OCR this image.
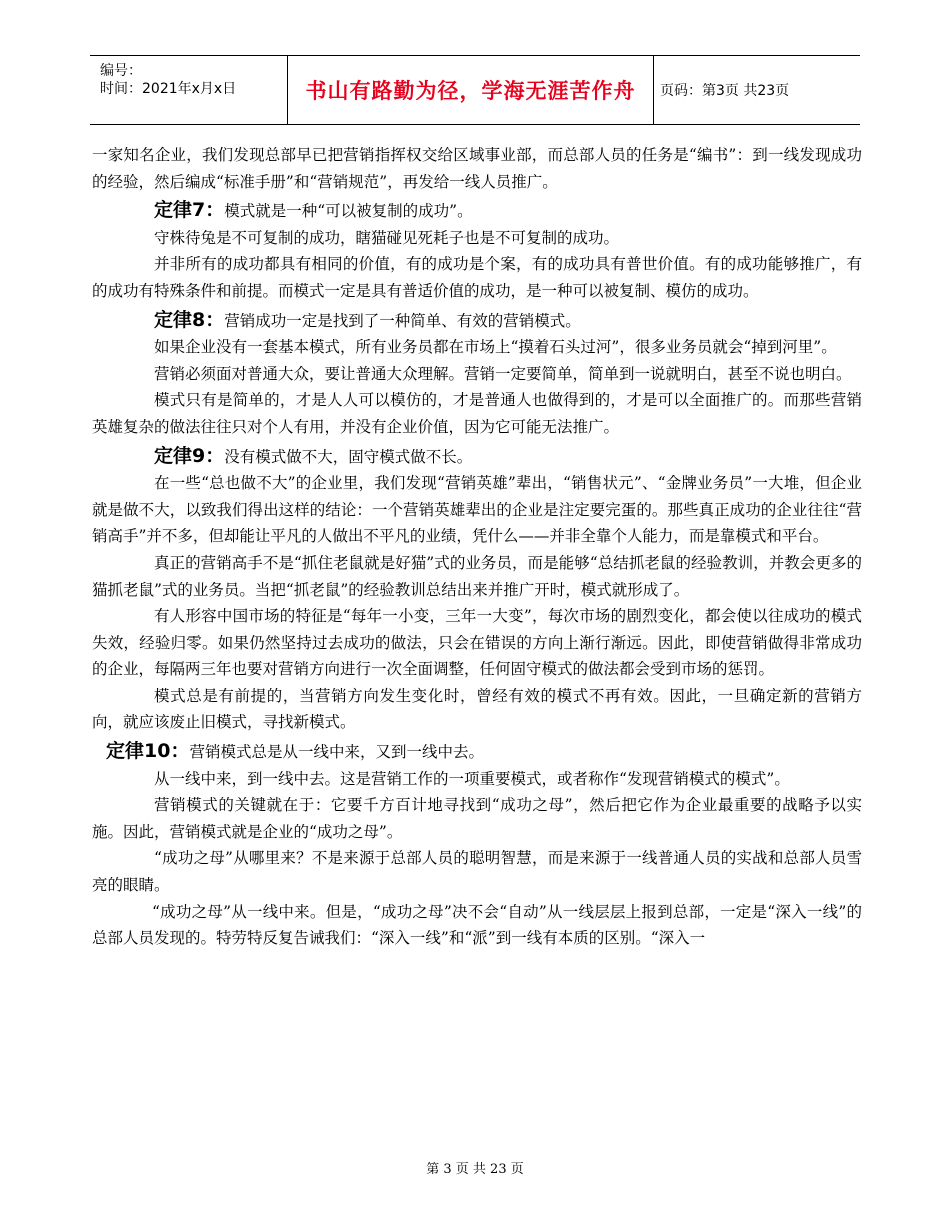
编号：
时间：2021年x月x日	书山有路勤为径，学海无涯苦作舟	页码：第3页 共23页

一家知名企业，我们发现总部早已把营销指挥权交给区域事业部，而总部人员的任务是“编书”：到一线发现成功的经验，然后编成“标准手册”和“营销规范”，再发给一线人员推广。

定律7：模式就是一种“可以被复制的成功”。

守株待兔是不可复制的成功，瞎猫碰见死耗子也是不可复制的成功。

并非所有的成功都具有相同的价值，有的成功是个案，有的成功具有普世价值。有的成功能够推广，有的成功有特殊条件和前提。而模式一定是具有普适价值的成功，是一种可以被复制、模仿的成功。

定律8：营销成功一定是找到了一种简单、有效的营销模式。

如果企业没有一套基本模式，所有业务员都在市场上“摸着石头过河”，很多业务员就会“掉到河里”。

营销必须面对普通大众，要让普通大众理解。营销一定要简单，简单到一说就明白，甚至不说也明白。

模式只有是简单的，才是人人可以模仿的，才是普通人也做得到的，才是可以全面推广的。而那些营销英雄复杂的做法往往只对个人有用，并没有企业价值，因为它可能无法推广。

定律9：没有模式做不大，固守模式做不长。

在一些“总也做不大”的企业里，我们发现“营销英雄”辈出，“销售状元”、“金牌业务员”一大堆，但企业就是做不大，以致我们得出这样的结论：一个营销英雄辈出的企业是注定要完蛋的。那些真正成功的企业往往“营销高手”并不多，但却能让平凡的人做出不平凡的业绩，凭什么——并非全靠个人能力，而是靠模式和平台。

真正的营销高手不是“抓住老鼠就是好猫”式的业务员，而是能够“总结抓老鼠的经验教训，并教会更多的猫抓老鼠”式的业务员。当把“抓老鼠”的经验教训总结出来并推广开时，模式就形成了。

有人形容中国市场的特征是“每年一小变，三年一大变”，每次市场的剧烈变化，都会使以往成功的模式失效，经验归零。如果仍然坚持过去成功的做法，只会在错误的方向上渐行渐远。因此，即使营销做得非常成功的企业，每隔两三年也要对营销方向进行一次全面调整，任何固守模式的做法都会受到市场的惩罚。

模式总是有前提的，当营销方向发生变化时，曾经有效的模式不再有效。因此，一旦确定新的营销方向，就应该废止旧模式，寻找新模式。

定律10：营销模式总是从一线中来，又到一线中去。

从一线中来，到一线中去。这是营销工作的一项重要模式，或者称作“发现营销模式的模式”。

营销模式的关键就在于：它要千方百计地寻找到“成功之母”，然后把它作为企业最重要的战略予以实施。因此，营销模式就是企业的“成功之母”。

“成功之母”从哪里来？不是来源于总部人员的聪明智慧，而是来源于一线普通人员的实战和总部人员雪亮的眼睛。

“成功之母”从一线中来。但是，“成功之母”决不会“自动”从一线层层上报到总部，一定是“深入一线”的总部人员发现的。特劳特反复告诫我们：“深入一线”和“派”到一线有本质的区别。“深入一

第 3 页 共 23 页
